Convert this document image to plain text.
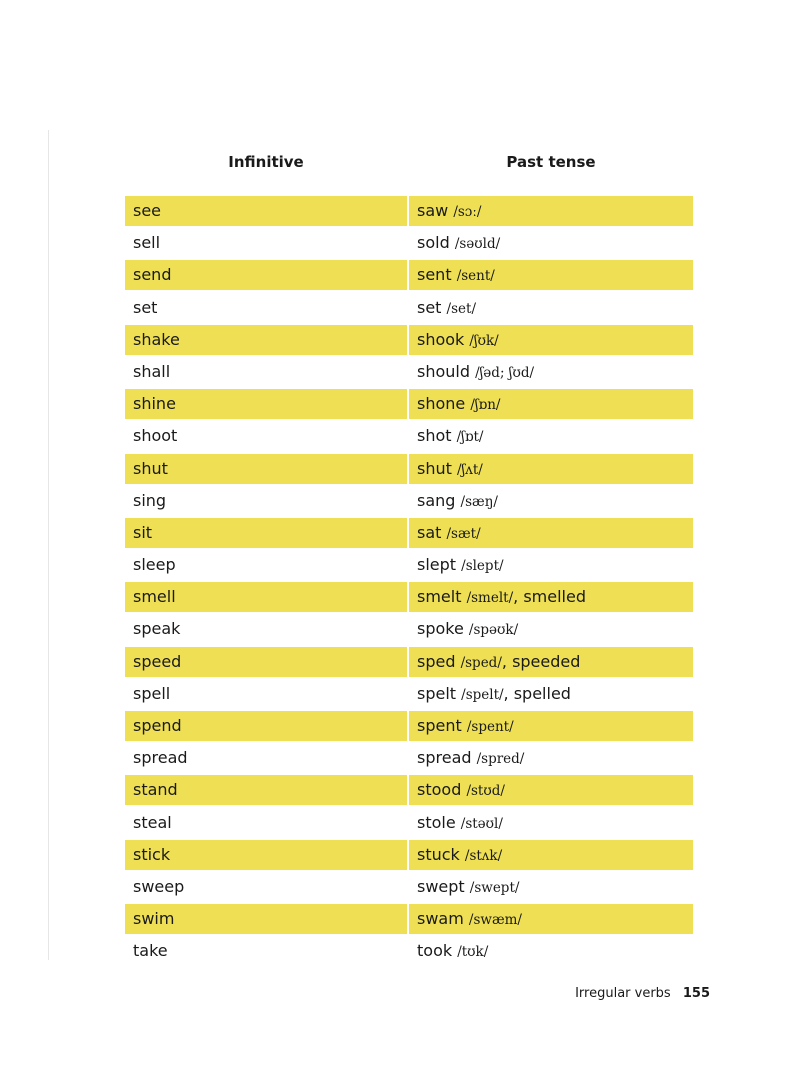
Infinitive	Past tense
see	saw /sɔː/
sell	sold /səʊld/
send	sent /sent/
set	set /set/
shake	shook /ʃʊk/
shall	should /ʃəd; ʃʊd/
shine	shone /ʃɒn/
shoot	shot /ʃɒt/
shut	shut /ʃʌt/
sing	sang /sæŋ/
sit	sat /sæt/
sleep	slept /slept/
smell	smelt /smelt/, smelled
speak	spoke /spəʊk/
speed	sped /sped/, speeded
spell	spelt /spelt/, spelled
spend	spent /spent/
spread	spread /spred/
stand	stood /stʊd/
steal	stole /stəʊl/
stick	stuck /stʌk/
sweep	swept /swept/
swim	swam /swæm/
take	took /tʊk/
Irregular verbs 155
